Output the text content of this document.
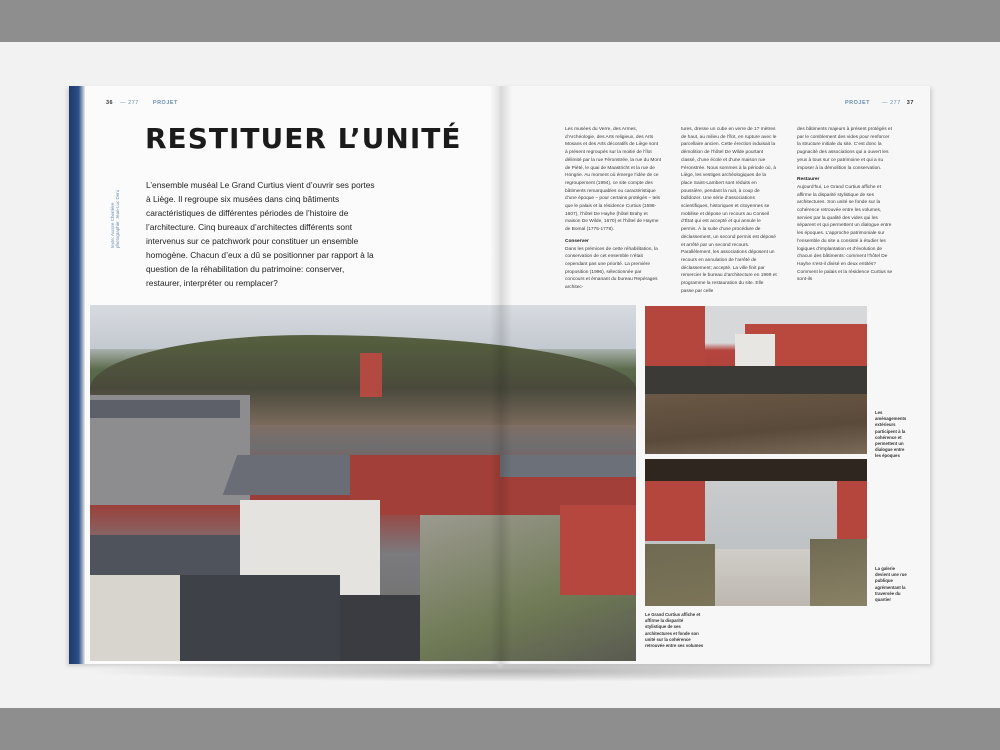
36 — 277	PROJET	PROJET — 277 37
RESTITUER L’UNITÉ
texte: Aurore Cherrière photographie: Jean-Luc Deru

L’ensemble muséal Le Grand Curtius vient d’ouvrir ses portes à Liège. Il regroupe six musées dans cinq bâtiments caractéristiques de différentes périodes de l’histoire de l’architecture. Cinq bureaux d’architectes différents sont intervenus sur ce patchwork pour constituer un ensemble homogène. Chacun d’eux a dû se positionner par rapport à la question de la réhabilitation du patrimoine: conserver, restaurer, interpréter ou remplacer?

Les musées du Verre, des Armes, d’Archéologie, des Arts religieux, des Arts Mosans et des Arts décoratifs de Liège sont à présent regroupés sur la moitié de l’îlot délimité par la rue Féronstrée, la rue du Mont de Piété, le quai de Maastricht et la rue de Hongrie. Au moment où émerge l’idée de ce regroupement (1994), ce site compte des bâtiments remarquables ou caractéristique d’une époque – pour certains protégés – tels que le palais et la résidence Curtius (1598-1607), l’hôtel De Hayhe (hôtel Brahy et maison De Wilde, 1670) et l’hôtel de Hayme de Bomal (1775-1778).
Conserver
Dans les prémices de cette réhabilitation, la conservation de cet ensemble n’était cependant pas une priorité. La première proposition (1996), sélectionnée par concours et émanant du bureau Repérages architec-
tures, dresse un cube en verre de 17 mètres de haut, au milieu de l’îlot, en rupture avec le parcellaire ancien. Cette érection induisait la démolition de l’hôtel De Wilde pourtant classé, d’une école et d’une maison rue Féronstrée. Nous sommes à la période où, à Liège, les vestiges archéologiques de la place Saint-Lambert sont réduits en poussière, pendant la nuit, à coup de bulldozer. Une série d’associations scientifiques, historiques et citoyennes se mobilise et dépose un recours au Conseil d’État qui est accepté et qui annule le permis. À la suite d’une procédure de déclassement, un second permis est déposé et arrêté par un second recours. Parallèlement, les associations déposent un recours en annulation de l’arrêté de déclassement; accepté. La ville finit par remercier le bureau d’architecture en 1999 et programme la restauration du site. Elle passe par celle
des bâtiments majeurs à présent protégés et par le comblement des vides pour renforcer la structure initiale du site. C’est donc la pugnacité des associations qui a ouvert les yeux à tous sur ce patrimoine et qui a su imposer à la démolition la conservation.
Restaurer
Aujourd’hui, Le Grand Curtius affiche et affirme la disparité stylistique de ses architectures. Son unité se fonde sur la cohérence retrouvée entre les volumes, servies par la qualité des vides qui les séparent et qui permettent un dialogue entre les époques. L’approche patrimoniale sur l’ensemble du site a consisté à étudier les logiques d’implantation et d’évolution de chacun des bâtiments: comment l’hôtel De Hayhe s’est-il divisé en deux entités? Comment le palais et la résidence Curtius se sont-ils
Les aménagements extérieurs participent à la cohérence et permettent un dialogue entre les époques
La galerie devient une rue publique agrémentant la traversée du quartier
Le Grand Curtius affiche et affirme la disparité stylistique de ses architectures et fonde son unité sur la cohérence retrouvée entre ses volumes
